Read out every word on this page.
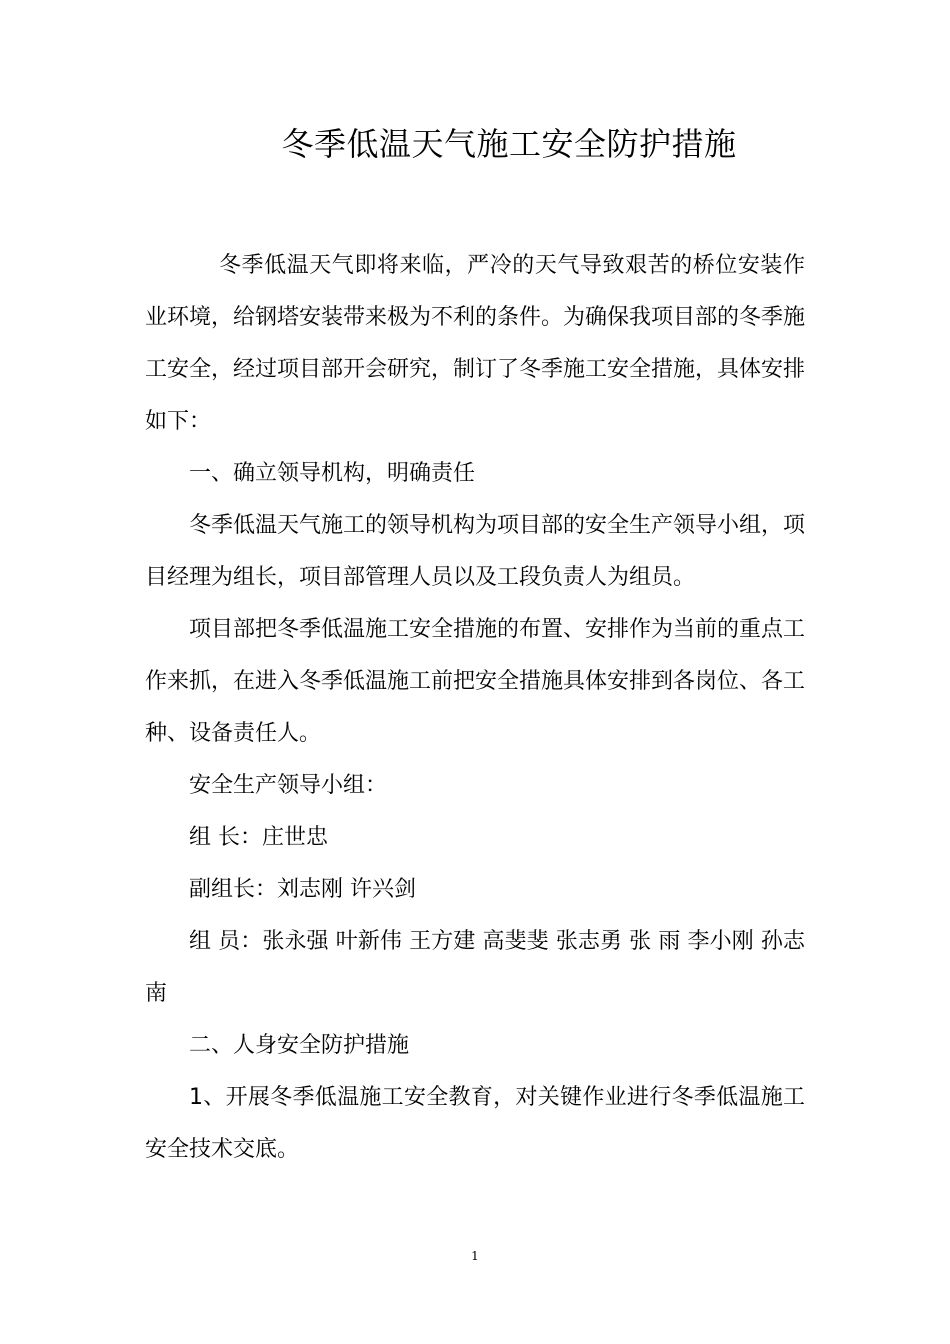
冬季低温天气施工安全防护措施

冬季低温天气即将来临，严冷的天气导致艰苦的桥位安装作业环境，给钢塔安装带来极为不利的条件。为确保我项目部的冬季施工安全，经过项目部开会研究，制订了冬季施工安全措施，具体安排如下：

一、确立领导机构，明确责任

冬季低温天气施工的领导机构为项目部的安全生产领导小组，项目经理为组长，项目部管理人员以及工段负责人为组员。

项目部把冬季低温施工安全措施的布置、安排作为当前的重点工作来抓，在进入冬季低温施工前把安全措施具体安排到各岗位、各工种、设备责任人。

安全生产领导小组：

组 长：庄世忠

副组长：刘志刚 许兴剑

组 员：张永强 叶新伟 王方建 高斐斐 张志勇 张 雨 李小刚 孙志南

二、人身安全防护措施

1、开展冬季低温施工安全教育，对关键作业进行冬季低温施工安全技术交底。

1
